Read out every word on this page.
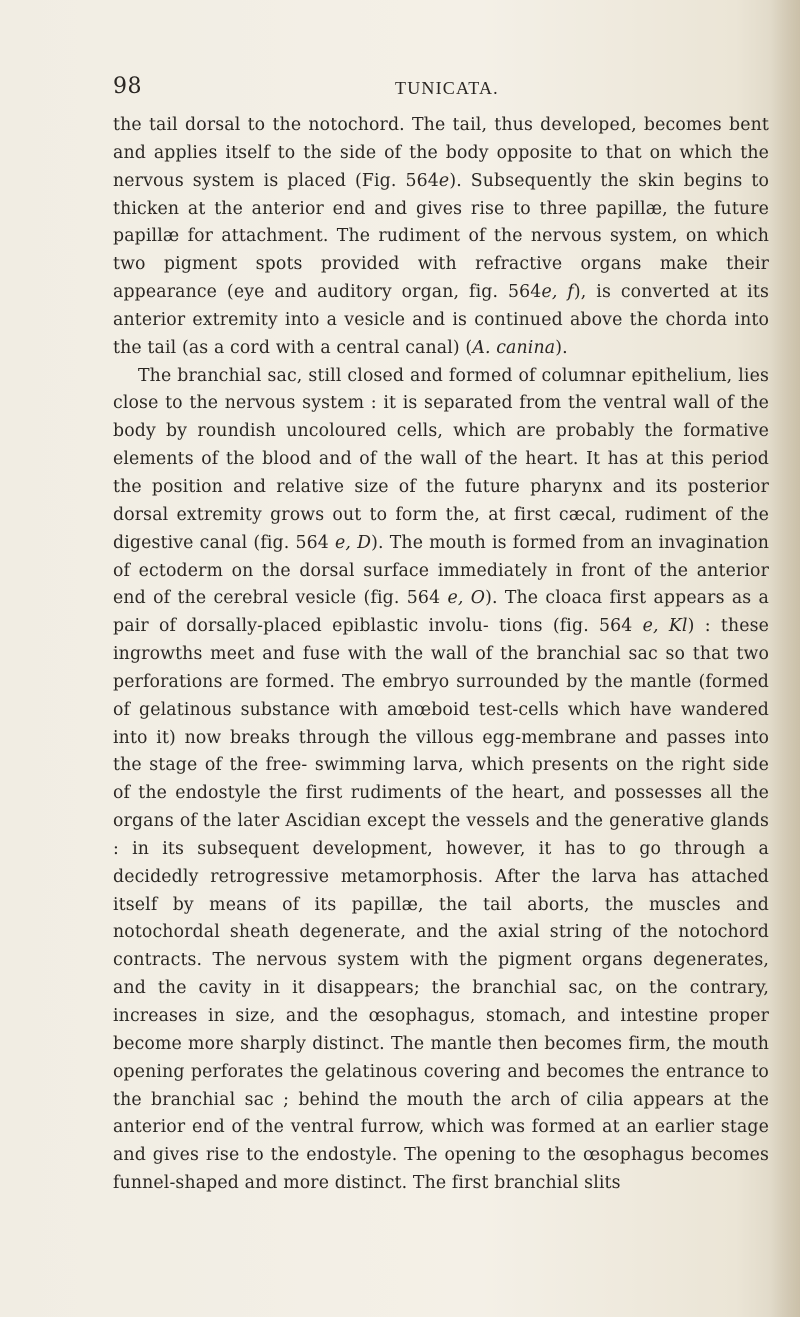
98	TUNICATA.

the tail dorsal to the notochord. The tail, thus developed, becomes bent and applies itself to the side of the body opposite to that on which the nervous system is placed (Fig. 564e). Subsequently the skin begins to thicken at the anterior end and gives rise to three papillæ, the future papillæ for attachment. The rudiment of the nervous system, on which two pigment spots provided with refractive organs make their appearance (eye and auditory organ, fig. 564e, f), is converted at its anterior extremity into a vesicle and is continued above the chorda into the tail (as a cord with a central canal) (A. canina).

The branchial sac, still closed and formed of columnar epithelium, lies close to the nervous system : it is separated from the ventral wall of the body by roundish uncoloured cells, which are probably the formative elements of the blood and of the wall of the heart. It has at this period the position and relative size of the future pharynx and its posterior dorsal extremity grows out to form the, at first cæcal, rudiment of the digestive canal (fig. 564 e, D). The mouth is formed from an invagination of ectoderm on the dorsal surface immediately in front of the anterior end of the cerebral vesicle (fig. 564 e, O). The cloaca first appears as a pair of dorsally-placed epiblastic involu- tions (fig. 564 e, Kl) : these ingrowths meet and fuse with the wall of the branchial sac so that two perforations are formed. The embryo surrounded by the mantle (formed of gelatinous substance with amœboid test-cells which have wandered into it) now breaks through the villous egg-membrane and passes into the stage of the free- swimming larva, which presents on the right side of the endostyle the first rudiments of the heart, and possesses all the organs of the later Ascidian except the vessels and the generative glands : in its subsequent development, however, it has to go through a decidedly retrogressive metamorphosis. After the larva has attached itself by means of its papillæ, the tail aborts, the muscles and notochordal sheath degenerate, and the axial string of the notochord contracts. The nervous system with the pigment organs degenerates, and the cavity in it disappears; the branchial sac, on the contrary, increases in size, and the œsophagus, stomach, and intestine proper become more sharply distinct. The mantle then becomes firm, the mouth opening perforates the gelatinous covering and becomes the entrance to the branchial sac ; behind the mouth the arch of cilia appears at the anterior end of the ventral furrow, which was formed at an earlier stage and gives rise to the endostyle. The opening to the œsophagus becomes funnel-shaped and more distinct. The first branchial slits
